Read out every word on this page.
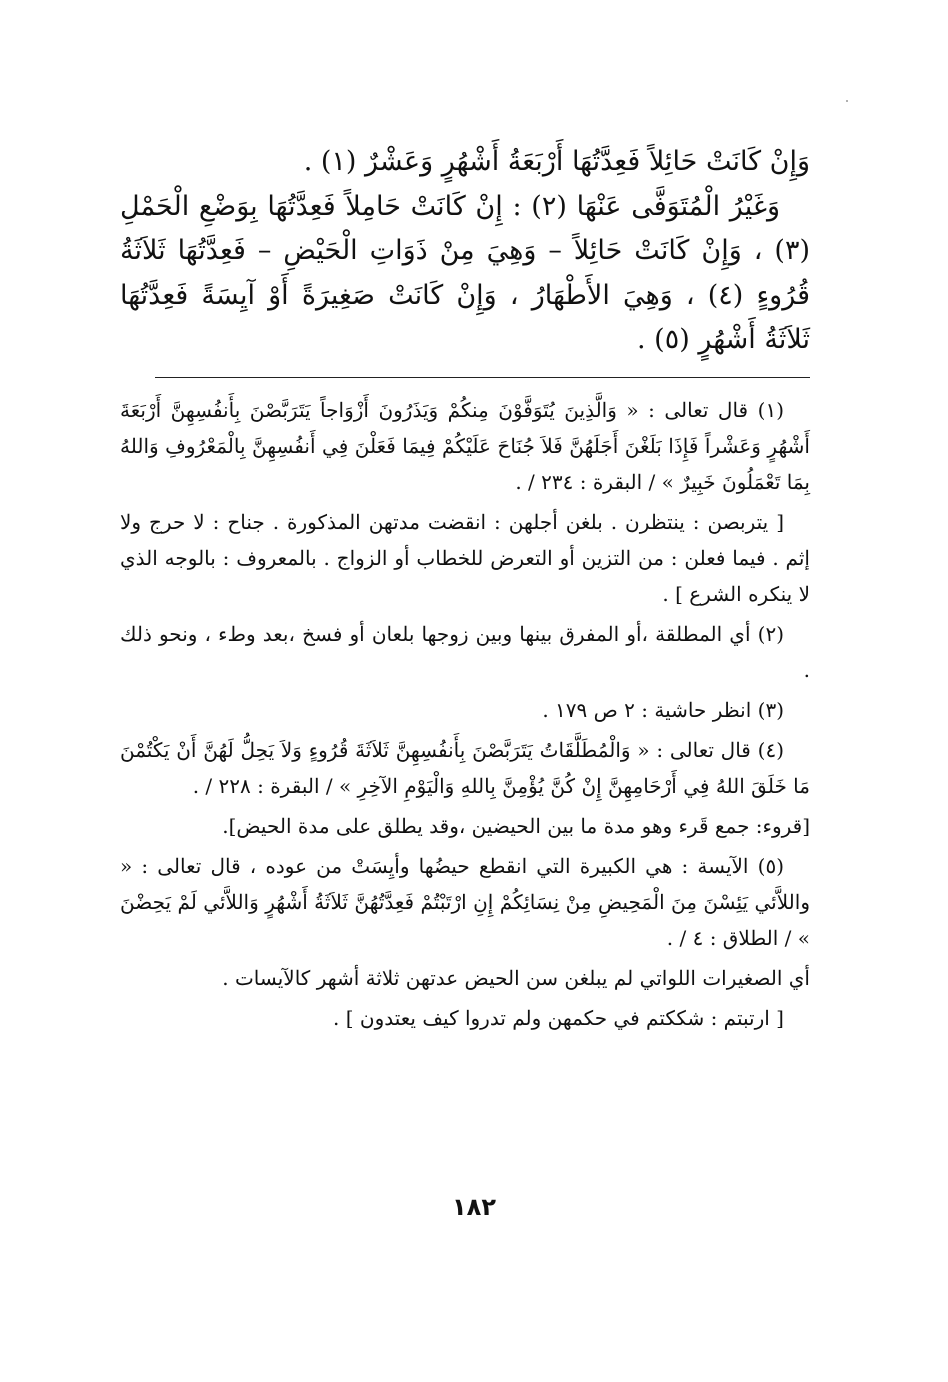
وَإِنْ كَانَتْ حَائِلاً فَعِدَّتُهَا أَرْبَعَةُ أَشْهُرٍ وَعَشْرٌ (١) .

وَغَيْرُ الْمُتَوَفَّى عَنْهَا (٢) : إِنْ كَانَتْ حَامِلاً فَعِدَّتُهَا بِوَضْعِ الْحَمْلِ (٣) ، وَإِنْ كَانَتْ حَائِلاً – وَهِيَ مِنْ ذَوَاتِ الْحَيْضِ – فَعِدَّتُهَا ثَلاَثَةُ قُرُوءٍ (٤) ، وَهِيَ الأَطْهَارُ ، وَإِنْ كَانَتْ صَغِيرَةً أَوْ آيِسَةً فَعِدَّتُهَا ثَلاَثَةُ أَشْهُرٍ (٥) .

(١) قال تعالى : « وَالَّذِينَ يُتَوَفَّوْنَ مِنكُمْ وَيَذَرُونَ أَزْوَاجاً يَتَرَبَّصْنَ بِأَنفُسِهِنَّ أَرْبَعَةَ أَشْهُرٍ وَعَشْراً فَإِذَا بَلَغْنَ أَجَلَهُنَّ فَلاَ جُنَاحَ عَلَيْكُمْ فِيمَا فَعَلْنَ فِي أَنفُسِهِنَّ بِالْمَعْرُوفِ وَاللهُ بِمَا تَعْمَلُونَ خَبِيرٌ » / البقرة : ٢٣٤ / .

[ يتربصن : ينتظرن . بلغن أجلهن : انقضت مدتهن المذكورة . جناح : لا حرج ولا إثم . فيما فعلن : من التزين أو التعرض للخطاب أو الزواج . بالمعروف : بالوجه الذي لا ينكره الشرع ] .

(٢) أي المطلقة ،أو المفرق بينها وبين زوجها بلعان أو فسخ ،بعد وطء ، ونحو ذلك .

(٣) انظر حاشية : ٢ ص ١٧٩ .

(٤) قال تعالى : « وَالْمُطَلَّقَاتُ يَتَرَبَّصْنَ بِأَنفُسِهِنَّ ثَلاَثَةَ قُرُوءٍ وَلاَ يَحِلُّ لَهُنَّ أَنْ يَكْتُمْنَ مَا خَلَقَ اللهُ فِي أَرْحَامِهِنَّ إِنْ كُنَّ يُؤْمِنَّ بِاللهِ وَالْيَوْمِ الآخِرِ » / البقرة : ٢٢٨ / .

[قروء: جمع قَرء وهو مدة ما بين الحيضين ،وقد يطلق على مدة الحيض].

(٥) الآيسة : هي الكبيرة التي انقطع حيضُها وأيِسَتْ من عوده ، قال تعالى : « واللاَّئي يَئِسْنَ مِنَ الْمَحِيضِ مِنْ نِسَائِكُمْ إِنِ ارْتَبْتُمْ فَعِدَّتُهُنَّ ثَلاَثَةُ أَشْهُرٍ وَاللاَّئي لَمْ يَحِضْنَ » / الطلاق : ٤ / .

أي الصغيرات اللواتي لم يبلغن سن الحيض عدتهن ثلاثة أشهر كالآيسات .

[ ارتبتم : شككتم في حكمهن ولم تدروا كيف يعتدون ] .

١٨٢
